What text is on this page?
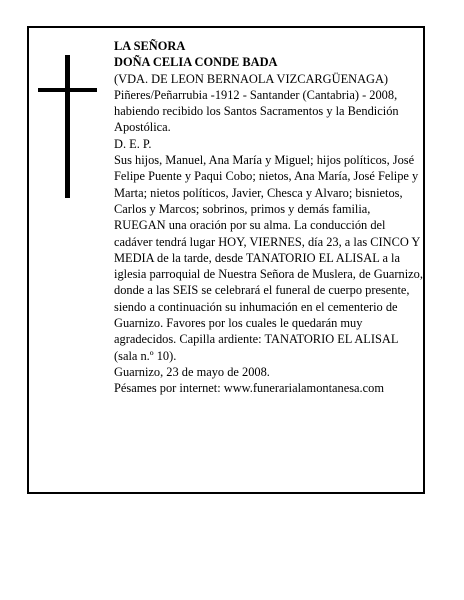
LA SEÑORA

DOÑA CELIA CONDE BADA

(VDA. DE LEON BERNAOLA VIZCARGÜENAGA)

Piñeres/Peñarrubia -1912 - Santander (Cantabria) - 2008,

habiendo recibido los Santos Sacramentos y la Bendición Apostólica.

D. E. P.

Sus hijos, Manuel, Ana María y Miguel; hijos políticos, José Felipe Puente y Paqui Cobo; nietos, Ana María, José Felipe y Marta; nietos políticos, Javier, Chesca y Alvaro; bisnietos, Carlos y Marcos; sobrinos, primos y demás familia,

RUEGAN una oración por su alma. La conducción del cadáver tendrá lugar HOY, VIERNES, día 23, a las CINCO Y MEDIA de la tarde, desde TANATORIO EL ALISAL a la iglesia parroquial de Nuestra Señora de Muslera, de Guarnizo, donde a las SEIS se celebrará el funeral de cuerpo presente, siendo a continuación su inhumación en el cementerio de Guarnizo. Favores por los cuales le quedarán muy agradecidos. Capilla ardiente: TANATORIO EL ALISAL (sala n.º 10).

Guarnizo, 23 de mayo de 2008.

Pésames por internet: www.funerarialamontanesa.com
